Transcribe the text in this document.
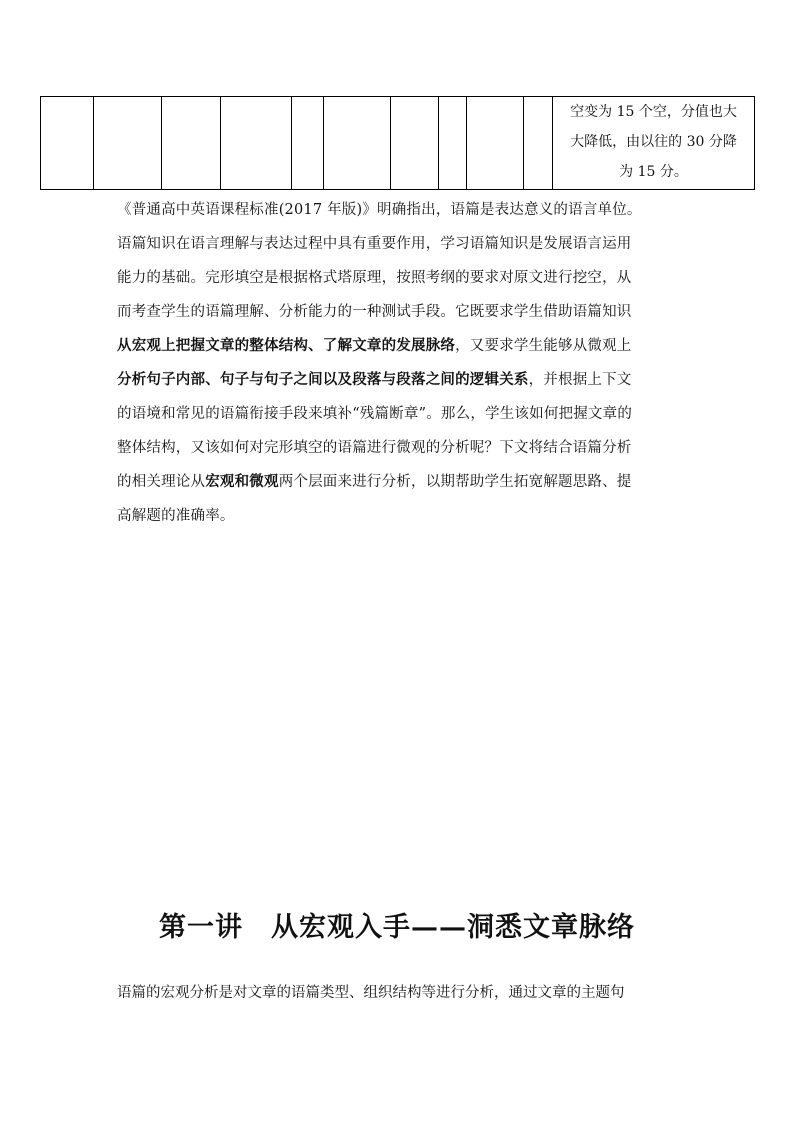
空变为 15 个空，分值也大
大降低，由以往的 30 分降
为 15 分。
《普通高中英语课程标准(2017 年版)》明确指出，语篇是表达意义的语言单位。
语篇知识在语言理解与表达过程中具有重要作用，学习语篇知识是发展语言运用
能力的基础。完形填空是根据格式塔原理，按照考纲的要求对原文进行挖空，从
而考查学生的语篇理解、分析能力的一种测试手段。它既要求学生借助语篇知识
从宏观上把握文章的整体结构、了解文章的发展脉络，又要求学生能够从微观上
分析句子内部、句子与句子之间以及段落与段落之间的逻辑关系，并根据上下文
的语境和常见的语篇衔接手段来填补“残篇断章”。那么，学生该如何把握文章的
整体结构，又该如何对完形填空的语篇进行微观的分析呢？下文将结合语篇分析
的相关理论从宏观和微观两个层面来进行分析，以期帮助学生拓宽解题思路、提
高解题的准确率。
第一讲　从宏观入手——洞悉文章脉络
语篇的宏观分析是对文章的语篇类型、组织结构等进行分析，通过文章的主题句
